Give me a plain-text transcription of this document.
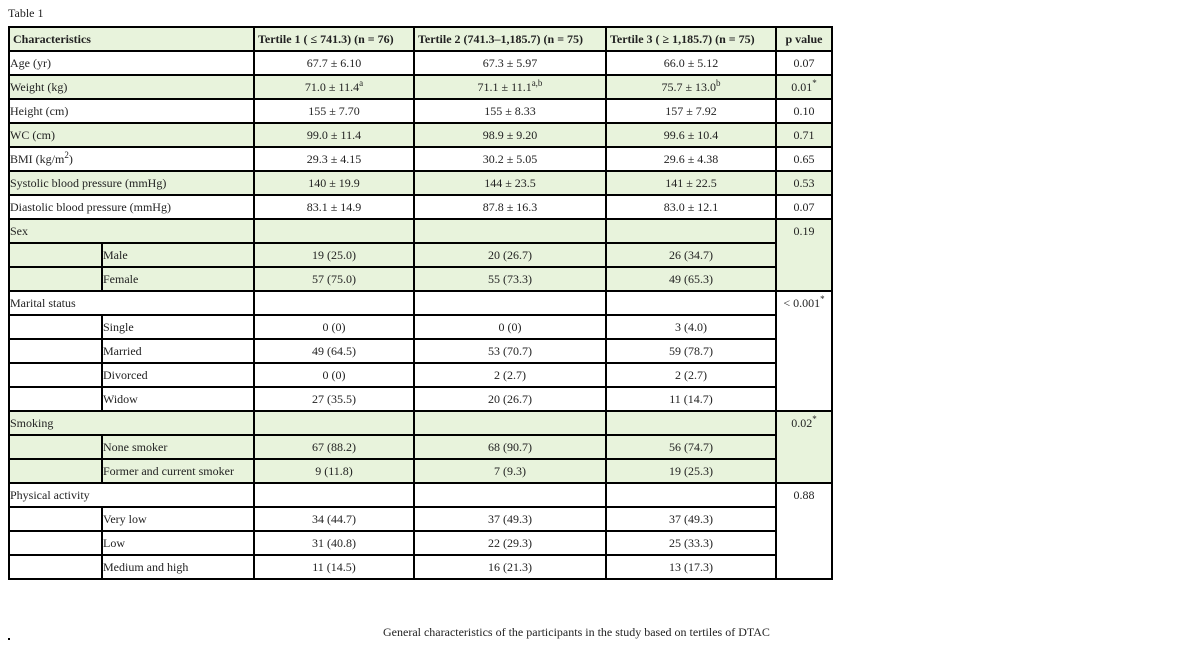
Table 1
Characteristics		Tertile 1 ( ≤ 741.3) (n = 76)	Tertile 2 (741.3–1,185.7) (n = 75)	Tertile 3 ( ≥ 1,185.7) (n = 75)	p value
Age (yr)		67.7 ± 6.10	67.3 ± 5.97	66.0 ± 5.12	0.07
Weight (kg)		71.0 ± 11.4$^a$	$71.1 \pm 11.1^{a,b}$	75.7 ± 13.0$^b$	0.01*
Height (cm)		155 ± 7.70	155 ± 8.33	157 ± 7.92	0.10
WC (cm)		99.0 ± 11.4	98.9 ± 9.20	99.6 ± 10.4	0.71
BMI $(kg/m^2)$		29.3 ± 4.15	30.2 ± 5.05	29.6 ± 4.38	0.65
Systolic blood pressure (mmHg)		140 ± 19.9	144 ± 23.5	141 ± 22.5	0.53
Diastolic blood pressure (mmHg)		83.1 ± 14.9	87.8 ± 16.3	83.0 ± 12.1	0.07
Sex					0.19
	Male	19 (25.0)	20 (26.7)	26 (34.7)	
	Female	57 (75.0)	55 (73.3)	49 (65.3)	
Marital status					< 0.001*
	Single	0 (0)	0 (0)	3 (4.0)	
	Married	49 (64.5)	53 (70.7)	59 (78.7)	
	Divorced	0 (0)	2 (2.7)	2 (2.7)	
	Widow	27 (35.5)	20 (26.7)	11 (14.7)	
Smoking					0.02*
	None smoker	67 (88.2)	68 (90.7)	56 (74.7)	
	Former and current smoker	9 (11.8)	7 (9.3)	19 (25.3)	
Physical activity					0.88
	Very low	34 (44.7)	37 (49.3)	37 (49.3)	
	Low	31 (40.8)	22 (29.3)	25 (33.3)	
	Medium and high	11 (14.5)	16 (21.3)	13 (17.3)	
General characteristics of the participants in the study based on tertiles of DTAC
